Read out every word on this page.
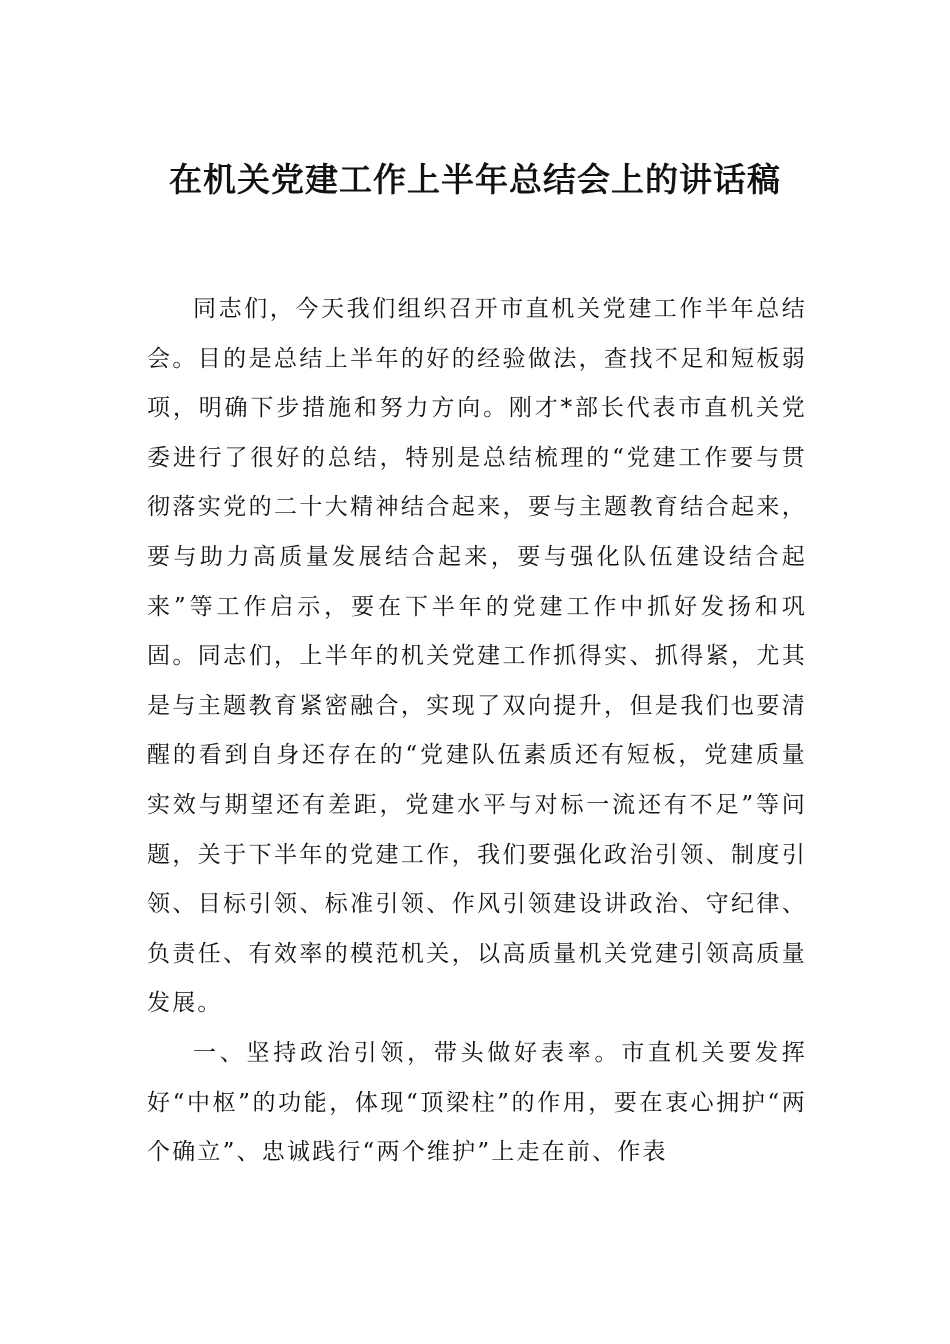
在机关党建工作上半年总结会上的讲话稿

同志们，今天我们组织召开市直机关党建工作半年总结会。目的是总结上半年的好的经验做法，查找不足和短板弱项，明确下步措施和努力方向。刚才*部长代表市直机关党委进行了很好的总结，特别是总结梳理的“党建工作要与贯彻落实党的二十大精神结合起来，要与主题教育结合起来，要与助力高质量发展结合起来，要与强化队伍建设结合起来”等工作启示，要在下半年的党建工作中抓好发扬和巩固。同志们，上半年的机关党建工作抓得实、抓得紧，尤其是与主题教育紧密融合，实现了双向提升，但是我们也要清醒的看到自身还存在的“党建队伍素质还有短板，党建质量实效与期望还有差距，党建水平与对标一流还有不足”等问题，关于下半年的党建工作，我们要强化政治引领、制度引领、目标引领、标准引领、作风引领建设讲政治、守纪律、负责任、有效率的模范机关，以高质量机关党建引领高质量发展。

一、坚持政治引领，带头做好表率。市直机关要发挥好“中枢”的功能，体现“顶梁柱”的作用，要在衷心拥护“两个确立”、忠诚践行“两个维护”上走在前、作表
